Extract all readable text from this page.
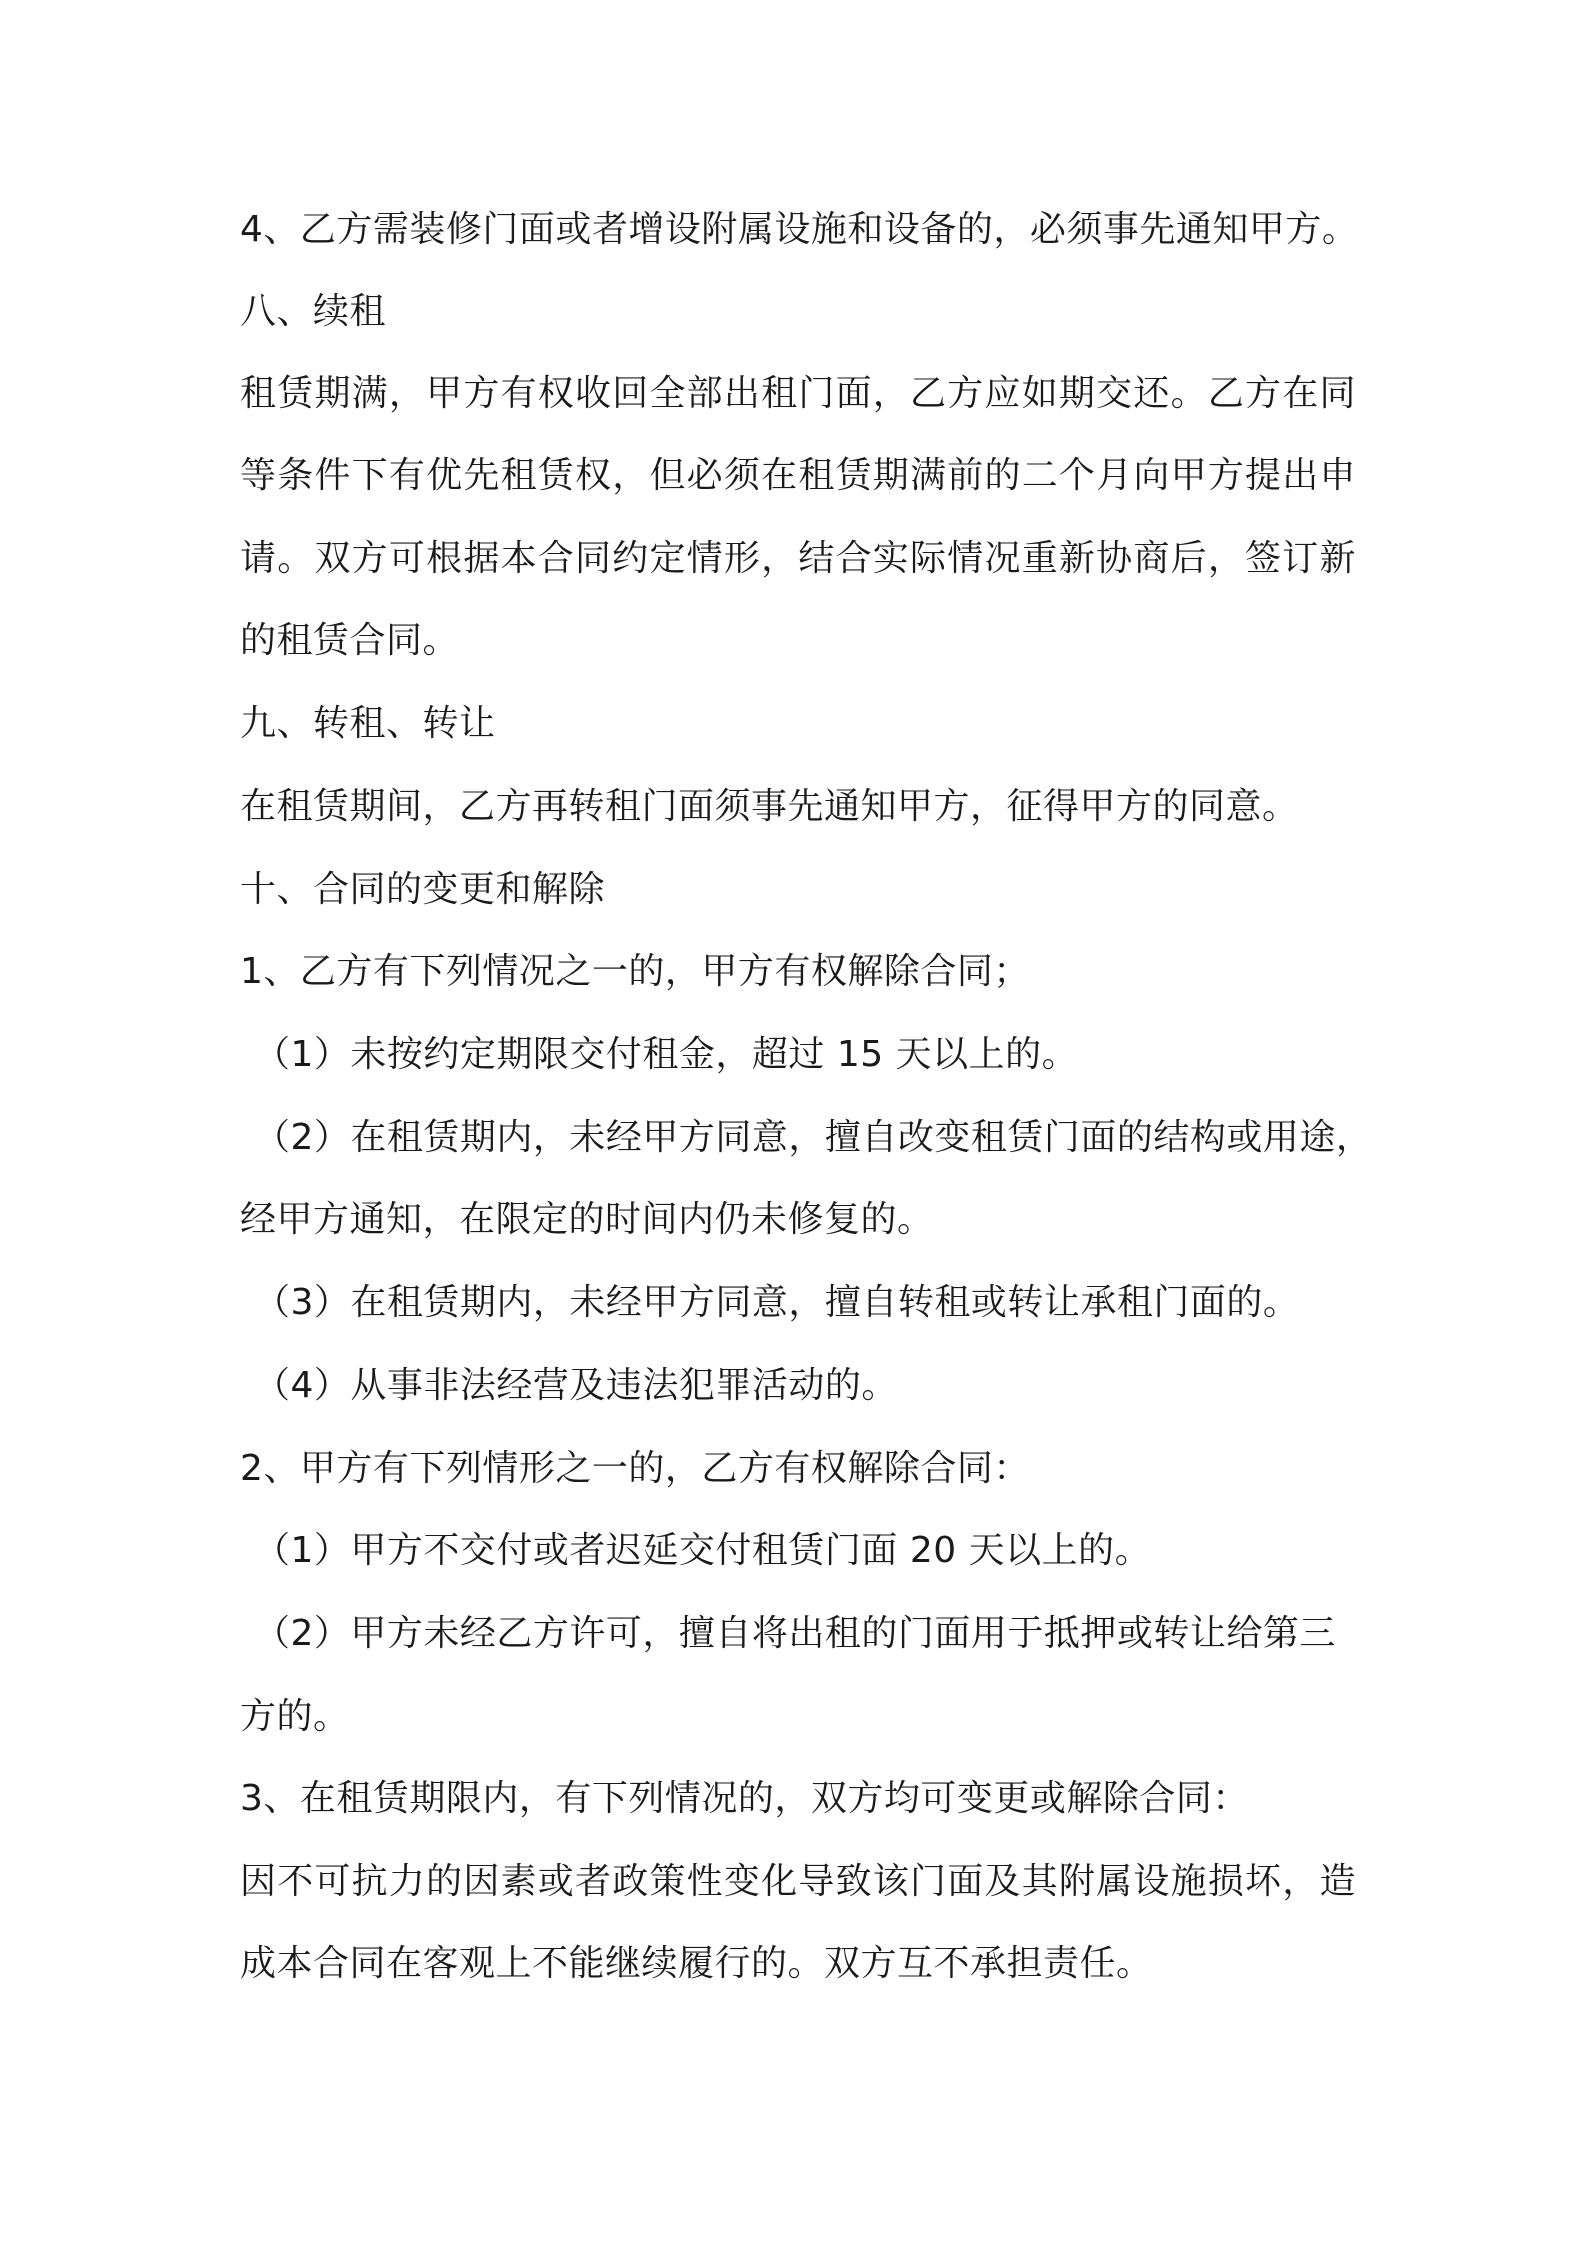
4、乙方需装修门面或者增设附属设施和设备的，必须事先通知甲方。
八、续租
租赁期满，甲方有权收回全部出租门面，乙方应如期交还。乙方在同
等条件下有优先租赁权，但必须在租赁期满前的二个月向甲方提出申
请。双方可根据本合同约定情形，结合实际情况重新协商后，签订新
的租赁合同。
九、转租、转让
在租赁期间，乙方再转租门面须事先通知甲方，征得甲方的同意。
十、合同的变更和解除
1、乙方有下列情况之一的，甲方有权解除合同；
（1）未按约定期限交付租金，超过 15 天以上的。
（2）在租赁期内，未经甲方同意，擅自改变租赁门面的结构或用途，
经甲方通知，在限定的时间内仍未修复的。
（3）在租赁期内，未经甲方同意，擅自转租或转让承租门面的。
（4）从事非法经营及违法犯罪活动的。
2、甲方有下列情形之一的，乙方有权解除合同：
（1）甲方不交付或者迟延交付租赁门面 20 天以上的。
（2）甲方未经乙方许可，擅自将出租的门面用于抵押或转让给第三
方的。
3、在租赁期限内，有下列情况的，双方均可变更或解除合同：
因不可抗力的因素或者政策性变化导致该门面及其附属设施损坏，造
成本合同在客观上不能继续履行的。双方互不承担责任。
